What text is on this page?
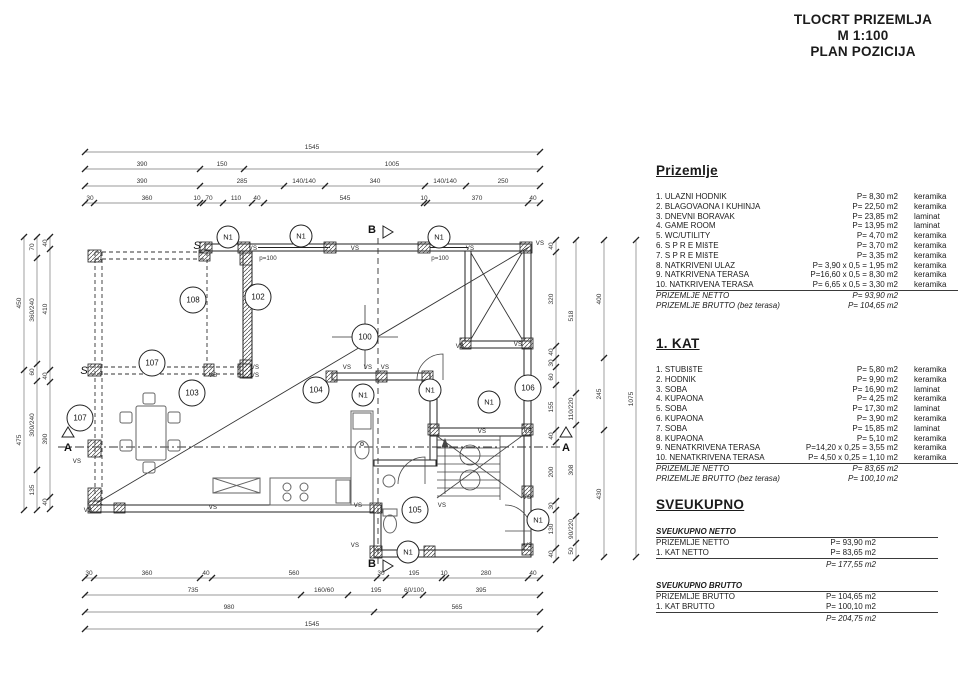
1545
390	150	1005
390	285	140/140	340	140/140	250
30	360	10 70	110 40	545	10	370	40
30	360	40	560	30	195	10	280	40
735	160/60	195	60/100	395
980	565
1545
450
475
70
360/240
60
300/240
135
40
410
40
390
40
40
320
40
30
60
155
40
200
30
130
40
518
110/220
308
90/220
50
400
245
430
1075
VS	VS	VS
VS
VS
VS
VS
VS VS VS
VS	VS
VS	VS
VS	VS
VS
VS	VS
VS
VS	VS
p=100	p=100
S
S
A	A
B
B
100
102
103	104
105
106
107
107
108
N1	N1	N1
N1
N1
N1
N1
N1
TLOCRT PRIZEMLJA
M 1:100
PLAN POZICIJA
Prizemlje
1. ULAZNI HODNIK	P= 8,30 m2	keramika
2. BLAGOVAONA I KUHINJA	P= 22,50 m2	keramika
3. DNEVNI BORAVAK	P= 23,85 m2	laminat
4. GAME ROOM	P= 13,95 m2	laminat
5. WC/UTILITY	P= 4,70 m2	keramika
6. S P R E MIšTE	P= 3,70 m2	keramika
7. S P R E MIšTE	P= 3,35 m2	keramika
8. NATKRIVENI ULAZ	P= 3,90 x 0,5 = 1,95 m2	keramika
9. NATKRIVENA TERASA	P=16,60 x 0,5 = 8,30 m2	keramika
10. NATKRIVENA TERASA	P= 6,65 x 0,5 = 3,30 m2	keramika
PRIZEMLJE NETTO	P= 93,90 m2
PRIZEMLJE BRUTTO (bez terasa)	P= 104,65 m2
1. KAT
1. STUBIšTE	P= 5,80 m2	keramika
2. HODNIK	P= 9,90 m2	keramika
3. SOBA	P= 16,90 m2	laminat
4. KUPAONA	P= 4,25 m2	keramika
5. SOBA	P= 17,30 m2	laminat
6. KUPAONA	P= 3,90 m2	keramika
7. SOBA	P= 15,85 m2	laminat
8. KUPAONA	P= 5,10 m2	keramika
9. NENATKRIVENA TERASA	P=14,20 x 0,25 = 3,55 m2	keramika
10. NENATKRIVENA TERASA	P= 4,50 x 0,25 = 1,10 m2	keramika
PRIZEMLJE NETTO	P= 83,65 m2
PRIZEMLJE BRUTTO (bez terasa)	P= 100,10 m2
SVEUKUPNO
SVEUKUPNO NETTO
PRIZEMLJE NETTO	P= 93,90 m2
1. KAT NETTO	P= 83,65 m2
P= 177,55 m2
SVEUKUPNO BRUTTO
PRIZEMLJE BRUTTO	P= 104,65 m2
1. KAT BRUTTO	P= 100,10 m2
P= 204,75 m2
